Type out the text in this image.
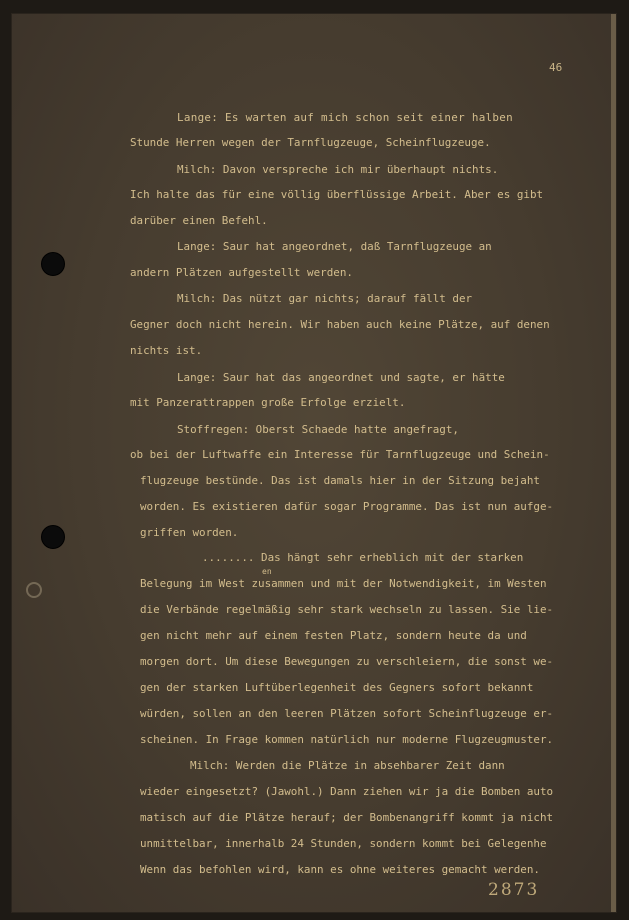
46
Lange: Es warten auf mich schon seit einer halben
Stunde Herren wegen der Tarnflugzeuge, Scheinflugzeuge.
Milch: Davon verspreche ich mir überhaupt nichts.
Ich halte das für eine völlig überflüssige Arbeit. Aber es gibt
darüber einen Befehl.
Lange: Saur hat angeordnet, daß Tarnflugzeuge an
andern Plätzen aufgestellt werden.
Milch: Das nützt gar nichts; darauf fällt der
Gegner doch nicht herein. Wir haben auch keine Plätze, auf denen
nichts ist.
Lange: Saur hat das angeordnet und sagte, er hätte
mit Panzerattrappen große Erfolge erzielt.
Stoffregen: Oberst Schaede hatte angefragt,
ob bei der Luftwaffe ein Interesse für Tarnflugzeuge und Schein-
flugzeuge bestünde. Das ist damals hier in der Sitzung bejaht
worden. Es existieren dafür sogar Programme. Das ist nun aufge-
griffen worden.
........ Das hängt sehr erheblich mit der starken
Belegung im West zusammen und mit der Notwendigkeit, im Westen
die Verbände regelmäßig sehr stark wechseln zu lassen. Sie lie-
gen nicht mehr auf einem festen Platz, sondern heute da und
morgen dort. Um diese Bewegungen zu verschleiern, die sonst we-
gen der starken Luftüberlegenheit des Gegners sofort bekannt
würden, sollen an den leeren Plätzen sofort Scheinflugzeuge er-
scheinen. In Frage kommen natürlich nur moderne Flugzeugmuster.
Milch: Werden die Plätze in absehbarer Zeit dann
wieder eingesetzt? (Jawohl.) Dann ziehen wir ja die Bomben auto
matisch auf die Plätze herauf; der Bombenangriff kommt ja nicht
unmittelbar, innerhalb 24 Stunden, sondern kommt bei Gelegenhe
Wenn das befohlen wird, kann es ohne weiteres gemacht werden.
en
2873
